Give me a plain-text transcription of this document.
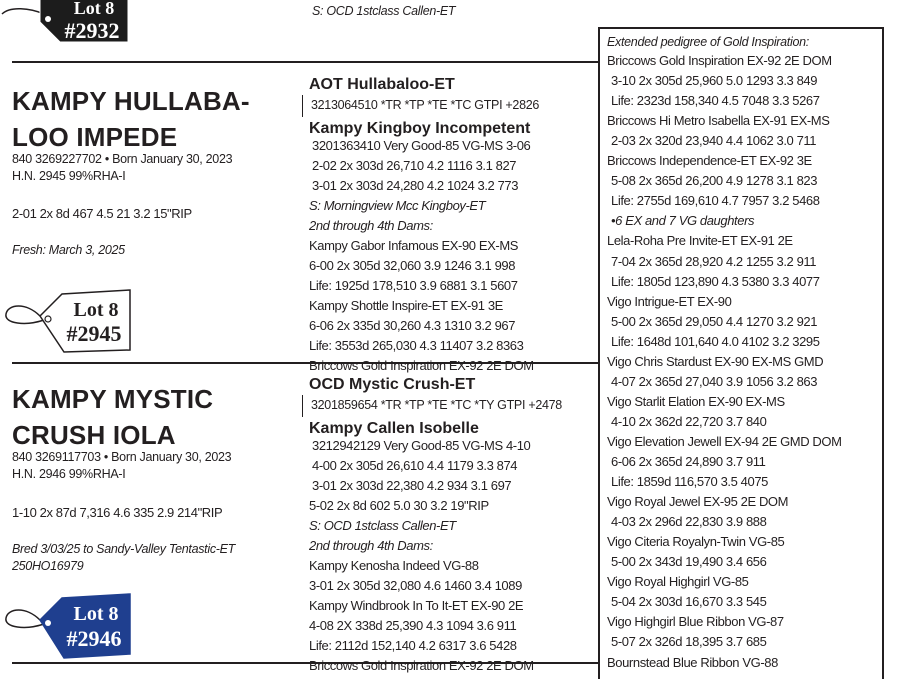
Lot 8
#2932
S: OCD 1stclass Callen-ET
KAMPY HULLABA-
LOO IMPEDE
840 3269227702 • Born January 30, 2023
H.N. 2945 99%RHA-I
2-01 2x 8d 467 4.5 21 3.2 15"RIP
Fresh: March 3, 2025
Lot 8
#2945
AOT Hullabaloo-ET
3213064510 *TR *TP *TE *TC GTPI +2826
Kampy Kingboy Incompetent
3201363410 Very Good-85 VG-MS 3-06
2-02 2x 303d 26,710 4.2 1116 3.1 827
3-01 2x 303d 24,280 4.2 1024 3.2 773
S: Morningview Mcc Kingboy-ET
2nd through 4th Dams:
Kampy Gabor Infamous EX-90 EX-MS
6-00 2x 305d 32,060 3.9 1246 3.1 998
Life: 1925d 178,510 3.9 6881 3.1 5607
Kampy Shottle Inspire-ET EX-91 3E
6-06 2x 335d 30,260 4.3 1310 3.2 967
Life: 3553d 265,030 4.3 11407 3.2 8363
Briccows Gold Inspiration EX-92 2E DOM
KAMPY MYSTIC
CRUSH IOLA
840 3269117703 • Born January 30, 2023
H.N. 2946 99%RHA-I
1-10 2x 87d 7,316 4.6 335 2.9 214"RIP
Bred 3/03/25 to Sandy-Valley Tentastic-ET
250HO16979
Lot 8
#2946
OCD Mystic Crush-ET
3201859654 *TR *TP *TE *TC *TY GTPI +2478
Kampy Callen Isobelle
3212942129 Very Good-85 VG-MS 4-10
4-00 2x 305d 26,610 4.4 1179 3.3 874
3-01 2x 303d 22,380 4.2 934 3.1 697
5-02 2x 8d 602 5.0 30 3.2 19"RIP
S: OCD 1stclass Callen-ET
2nd through 4th Dams:
Kampy Kenosha Indeed VG-88
3-01 2x 305d 32,080 4.6 1460 3.4 1089
Kampy Windbrook In To It-ET EX-90 2E
4-08 2X 338d 25,390 4.3 1094 3.6 911
Life: 2112d 152,140 4.2 6317 3.6 5428
Briccows Gold Inspiration EX-92 2E DOM
Extended pedigree of Gold Inspiration:
Briccows Gold Inspiration EX-92 2E DOM
3-10 2x 305d 25,960 5.0 1293 3.3 849
Life: 2323d 158,340 4.5 7048 3.3 5267
Briccows Hi Metro Isabella EX-91 EX-MS
2-03 2x 320d 23,940 4.4 1062 3.0 711
Briccows Independence-ET EX-92 3E
5-08 2x 365d 26,200 4.9 1278 3.1 823
Life: 2755d 169,610 4.7 7957 3.2 5468
•6 EX and 7 VG daughters
Lela-Roha Pre Invite-ET EX-91 2E
7-04 2x 365d 28,920 4.2 1255 3.2 911
Life: 1805d 123,890 4.3 5380 3.3 4077
Vigo Intrigue-ET EX-90
5-00 2x 365d 29,050 4.4 1270 3.2 921
Life: 1648d 101,640 4.0 4102 3.2 3295
Vigo Chris Stardust EX-90 EX-MS GMD
4-07 2x 365d 27,040 3.9 1056 3.2 863
Vigo Starlit Elation EX-90 EX-MS
4-10 2x 362d 22,720 3.7 840
Vigo Elevation Jewell EX-94 2E GMD DOM
6-06 2x 365d 24,890 3.7 911
Life: 1859d 116,570 3.5 4075
Vigo Royal Jewel EX-95 2E DOM
4-03 2x 296d 22,830 3.9 888
Vigo Citeria Royalyn-Twin VG-85
5-00 2x 343d 19,490 3.4 656
Vigo Royal Highgirl VG-85
5-04 2x 303d 16,670 3.3 545
Vigo Highgirl Blue Ribbon VG-87
5-07 2x 326d 18,395 3.7 685
Bournstead Blue Ribbon VG-88
